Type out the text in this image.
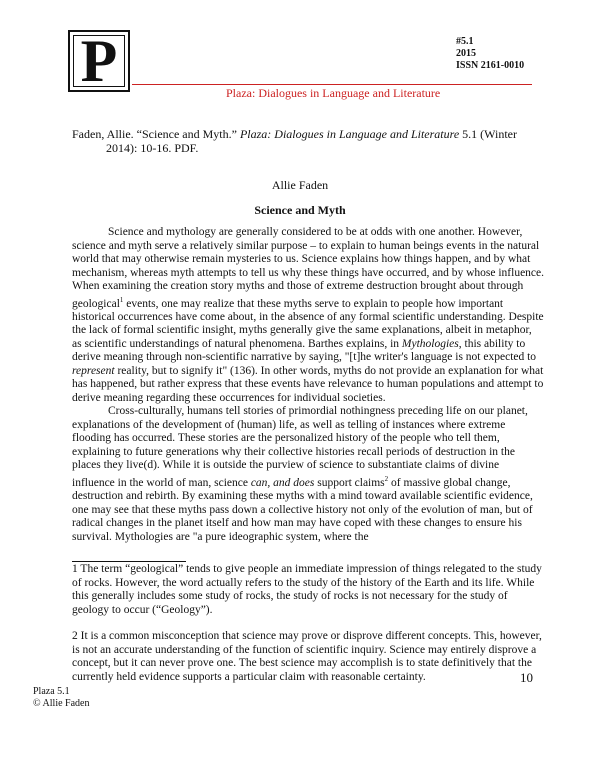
P	#5.1
2015
ISSN 2161-0010
Plaza: Dialogues in Language and Literature
Faden, Allie. “Science and Myth.” Plaza: Dialogues in Language and Literature 5.1 (Winter
2014): 10-16. PDF.
Allie Faden
Science and Myth

Science and mythology are generally considered to be at odds with one another. However, science and myth serve a relatively similar purpose – to explain to human beings events in the natural world that may otherwise remain mysteries to us. Science explains how things happen, and by what mechanism, whereas myth attempts to tell us why these things have occurred, and by whose influence. When examining the creation story myths and those of extreme destruction brought about through geological$^1$ events, one may realize that these myths serve to explain to people how important historical occurrences have come about, in the absence of any formal scientific understanding. Despite the lack of formal scientific insight, myths generally give the same explanations, albeit in metaphor, as scientific understandings of natural phenomena. Barthes explains, in Mythologies, this ability to derive meaning through non-scientific narrative by saying, "[t]he writer's language is not expected to represent reality, but to signify it" (136). In other words, myths do not provide an explanation for what has happened, but rather express that these events have relevance to human populations and attempt to derive meaning regarding these occurrences for individual societies.

Cross-culturally, humans tell stories of primordial nothingness preceding life on our planet, explanations of the development of (human) life, as well as telling of instances where extreme flooding has occurred. These stories are the personalized history of the people who tell them, explaining to future generations why their collective histories recall periods of destruction in the places they live(d). While it is outside the purview of science to substantiate claims of divine influence in the world of man, science can, and does support claims$^2$ of massive global change, destruction and rebirth. By examining these myths with a mind toward available scientific evidence, one may see that these myths pass down a collective history not only of the evolution of man, but of radical changes in the planet itself and how man may have coped with these changes to ensure his survival. Mythologies are "a pure ideographic system, where the

1 The term “geological” tends to give people an immediate impression of things relegated to the study of rocks. However, the word actually refers to the study of the history of the Earth and its life. While this generally includes some study of rocks, the study of rocks is not necessary for the study of geology to occur (“Geology”).

2 It is a common misconception that science may prove or disprove different concepts. This, however, is not an accurate understanding of the function of scientific inquiry. Science may entirely disprove a concept, but it can never prove one. The best science may accomplish is to state definitively that the currently held evidence supports a particular claim with reasonable certainty.	10
Plaza 5.1
© Allie Faden
